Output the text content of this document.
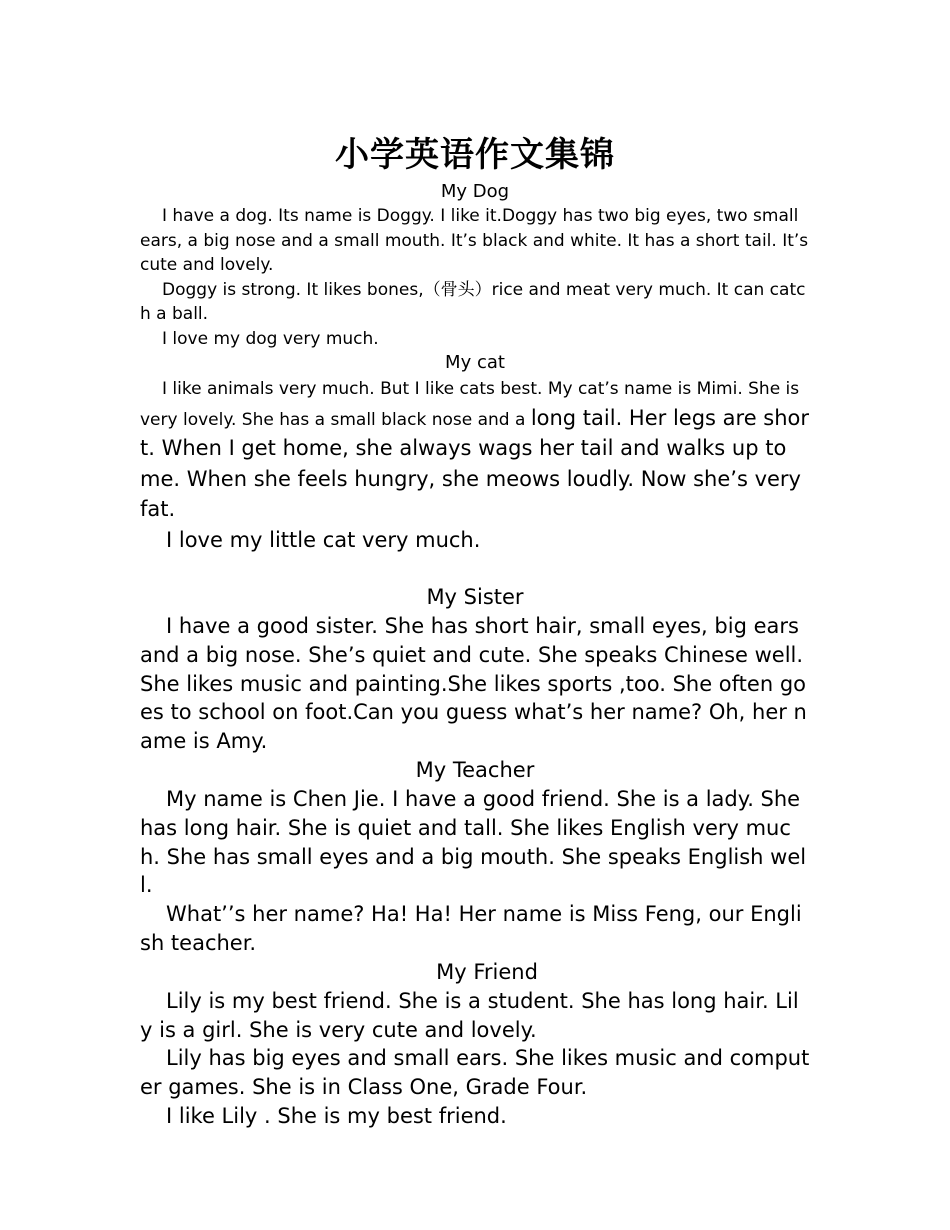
小学英语作文集锦

My Dog

I have a dog. Its name is Doggy. I like it.Doggy has two big eyes, two small ears, a big nose and a small mouth. It’s black and white. It has a short tail. It’s cute and lovely.

Doggy is strong. It likes bones,（骨头）rice and meat very much. It can catch a ball.

I love my dog very much.

My cat

I like animals very much. But I like cats best. My cat’s name is Mimi. She is very lovely. She has a small black nose and a long tail. Her legs are short. When I get home, she always wags her tail and walks up to me. When she feels hungry, she meows loudly. Now she’s very fat.

I love my little cat very much.

My Sister

I have a good sister. She has short hair, small eyes, big ears and a big nose. She’s quiet and cute. She speaks Chinese well. She likes music and painting.She likes sports ,too. She often goes to school on foot.Can you guess what’s her name? Oh, her name is Amy.

My Teacher

My name is Chen Jie. I have a good friend. She is a lady. She has long hair. She is quiet and tall. She likes English very much. She has small eyes and a big mouth. She speaks English well.

What’’s her name? Ha! Ha! Her name is Miss Feng, our English teacher.

My Friend

Lily is my best friend. She is a student. She has long hair. Lily is a girl. She is very cute and lovely.

Lily has big eyes and small ears. She likes music and computer games. She is in Class One, Grade Four.

I like Lily . She is my best friend.
